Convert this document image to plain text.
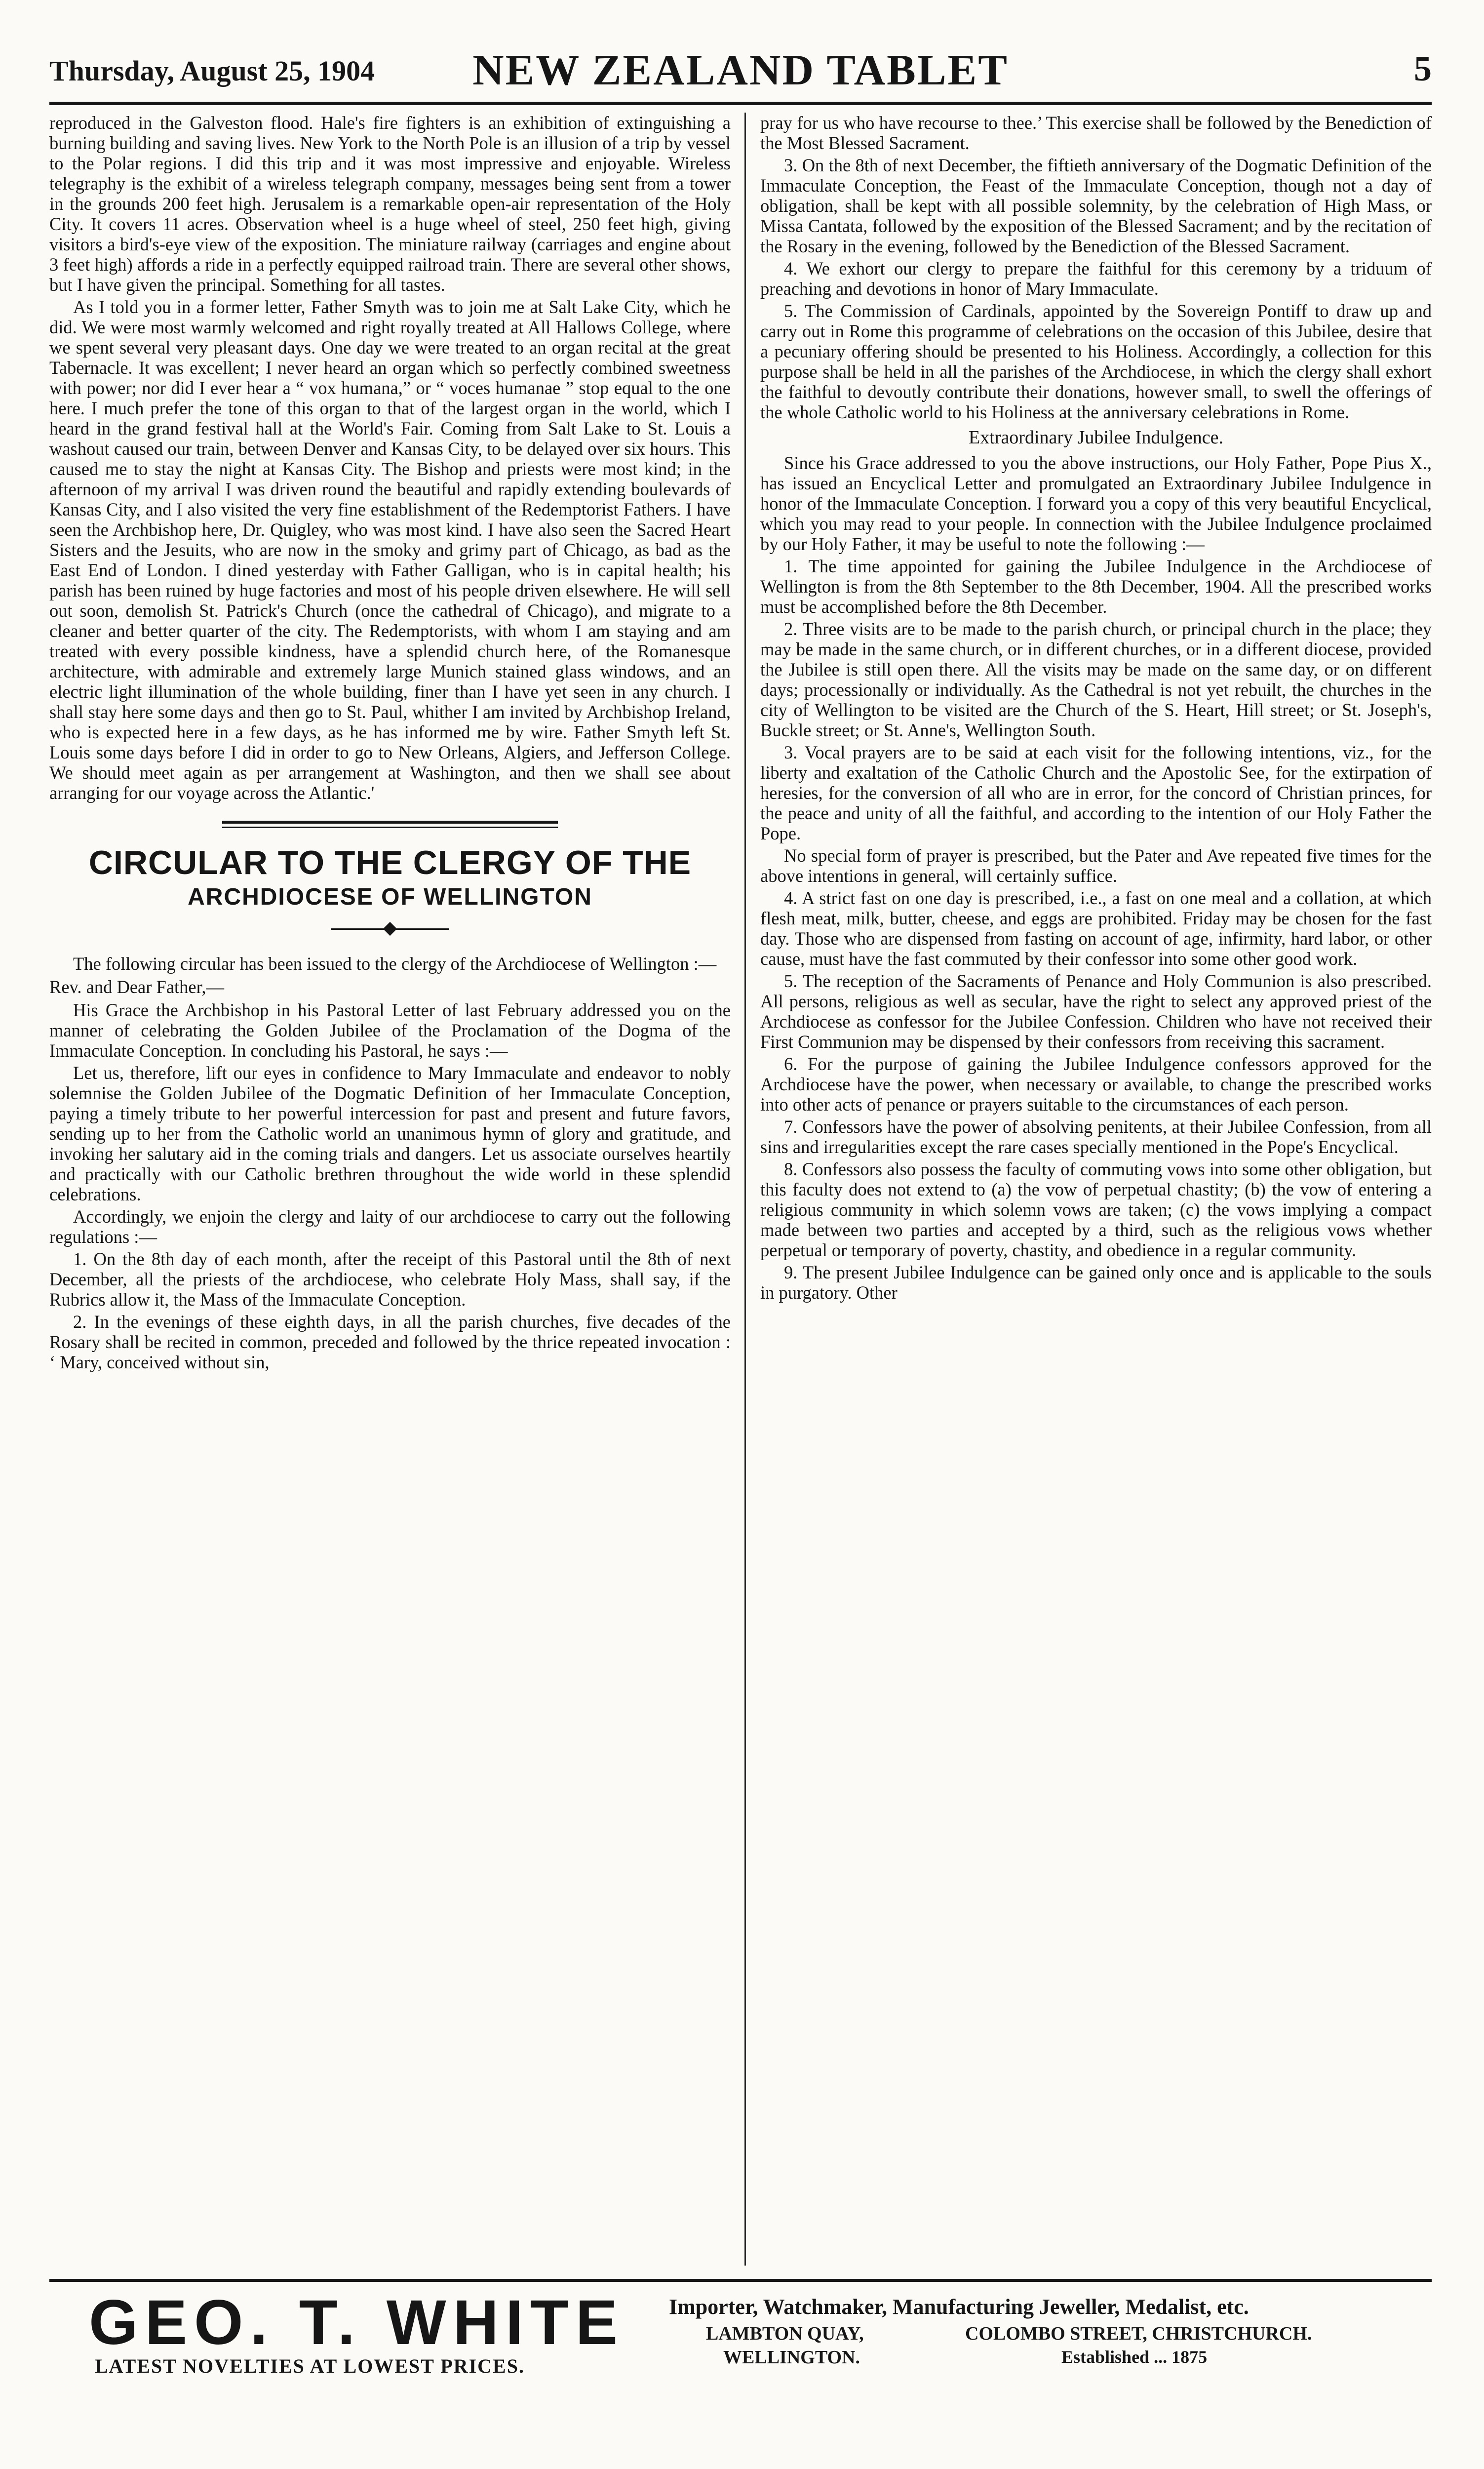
Thursday, August 25, 1904	NEW ZEALAND TABLET	5

reproduced in the Galveston flood. Hale's fire fighters is an exhibition of extinguishing a burning building and saving lives. New York to the North Pole is an illusion of a trip by vessel to the Polar regions. I did this trip and it was most impressive and enjoyable. Wireless telegraphy is the exhibit of a wireless telegraph company, messages being sent from a tower in the grounds 200 feet high. Jerusalem is a remarkable open-air representation of the Holy City. It covers 11 acres. Observation wheel is a huge wheel of steel, 250 feet high, giving visitors a bird's-eye view of the exposition. The miniature railway (carriages and engine about 3 feet high) affords a ride in a perfectly equipped railroad train. There are several other shows, but I have given the principal. Something for all tastes.

As I told you in a former letter, Father Smyth was to join me at Salt Lake City, which he did. We were most warmly welcomed and right royally treated at All Hallows College, where we spent several very pleasant days. One day we were treated to an organ recital at the great Tabernacle. It was excellent; I never heard an organ which so perfectly combined sweetness with power; nor did I ever hear a “ vox humana,” or “ voces humanae ” stop equal to the one here. I much prefer the tone of this organ to that of the largest organ in the world, which I heard in the grand festival hall at the World's Fair. Coming from Salt Lake to St. Louis a washout caused our train, between Denver and Kansas City, to be delayed over six hours. This caused me to stay the night at Kansas City. The Bishop and priests were most kind; in the afternoon of my arrival I was driven round the beautiful and rapidly extending boulevards of Kansas City, and I also visited the very fine establishment of the Redemptorist Fathers. I have seen the Archbishop here, Dr. Quigley, who was most kind. I have also seen the Sacred Heart Sisters and the Jesuits, who are now in the smoky and grimy part of Chicago, as bad as the East End of London. I dined yesterday with Father Galligan, who is in capital health; his parish has been ruined by huge factories and most of his people driven elsewhere. He will sell out soon, demolish St. Patrick's Church (once the cathedral of Chicago), and migrate to a cleaner and better quarter of the city. The Redemptorists, with whom I am staying and am treated with every possible kindness, have a splendid church here, of the Romanesque architecture, with admirable and extremely large Munich stained glass windows, and an electric light illumination of the whole building, finer than I have yet seen in any church. I shall stay here some days and then go to St. Paul, whither I am invited by Archbishop Ireland, who is expected here in a few days, as he has informed me by wire. Father Smyth left St. Louis some days before I did in order to go to New Orleans, Algiers, and Jefferson College. We should meet again as per arrangement at Washington, and then we shall see about arranging for our voyage across the Atlantic.'

CIRCULAR TO THE CLERGY OF THE
ARCHDIOCESE OF WELLINGTON

The following circular has been issued to the clergy of the Archdiocese of Wellington :—

Rev. and Dear Father,—

His Grace the Archbishop in his Pastoral Letter of last February addressed you on the manner of celebrating the Golden Jubilee of the Proclamation of the Dogma of the Immaculate Conception. In concluding his Pastoral, he says :—

Let us, therefore, lift our eyes in confidence to Mary Immaculate and endeavor to nobly solemnise the Golden Jubilee of the Dogmatic Definition of her Immaculate Conception, paying a timely tribute to her powerful intercession for past and present and future favors, sending up to her from the Catholic world an unanimous hymn of glory and gratitude, and invoking her salutary aid in the coming trials and dangers. Let us associate ourselves heartily and practically with our Catholic brethren throughout the wide world in these splendid celebrations.

Accordingly, we enjoin the clergy and laity of our archdiocese to carry out the following regulations :—

1. On the 8th day of each month, after the receipt of this Pastoral until the 8th of next December, all the priests of the archdiocese, who celebrate Holy Mass, shall say, if the Rubrics allow it, the Mass of the Immaculate Conception.

2. In the evenings of these eighth days, in all the parish churches, five decades of the Rosary shall be recited in common, preceded and followed by the thrice repeated invocation : ‘ Mary, conceived without sin,

pray for us who have recourse to thee.’ This exercise shall be followed by the Benediction of the Most Blessed Sacrament.

3. On the 8th of next December, the fiftieth anniversary of the Dogmatic Definition of the Immaculate Conception, the Feast of the Immaculate Conception, though not a day of obligation, shall be kept with all possible solemnity, by the celebration of High Mass, or Missa Cantata, followed by the exposition of the Blessed Sacrament; and by the recitation of the Rosary in the evening, followed by the Benediction of the Blessed Sacrament.

4. We exhort our clergy to prepare the faithful for this ceremony by a triduum of preaching and devotions in honor of Mary Immaculate.

5. The Commission of Cardinals, appointed by the Sovereign Pontiff to draw up and carry out in Rome this programme of celebrations on the occasion of this Jubilee, desire that a pecuniary offering should be presented to his Holiness. Accordingly, a collection for this purpose shall be held in all the parishes of the Archdiocese, in which the clergy shall exhort the faithful to devoutly contribute their donations, however small, to swell the offerings of the whole Catholic world to his Holiness at the anniversary celebrations in Rome.

Extraordinary Jubilee Indulgence.

Since his Grace addressed to you the above instructions, our Holy Father, Pope Pius X., has issued an Encyclical Letter and promulgated an Extraordinary Jubilee Indulgence in honor of the Immaculate Conception. I forward you a copy of this very beautiful Encyclical, which you may read to your people. In connection with the Jubilee Indulgence proclaimed by our Holy Father, it may be useful to note the following :—

1. The time appointed for gaining the Jubilee Indulgence in the Archdiocese of Wellington is from the 8th September to the 8th December, 1904. All the prescribed works must be accomplished before the 8th December.

2. Three visits are to be made to the parish church, or principal church in the place; they may be made in the same church, or in different churches, or in a different diocese, provided the Jubilee is still open there. All the visits may be made on the same day, or on different days; processionally or individually. As the Cathedral is not yet rebuilt, the churches in the city of Wellington to be visited are the Church of the S. Heart, Hill street; or St. Joseph's, Buckle street; or St. Anne's, Wellington South.

3. Vocal prayers are to be said at each visit for the following intentions, viz., for the liberty and exaltation of the Catholic Church and the Apostolic See, for the extirpation of heresies, for the conversion of all who are in error, for the concord of Christian princes, for the peace and unity of all the faithful, and according to the intention of our Holy Father the Pope.

No special form of prayer is prescribed, but the Pater and Ave repeated five times for the above intentions in general, will certainly suffice.

4. A strict fast on one day is prescribed, i.e., a fast on one meal and a collation, at which flesh meat, milk, butter, cheese, and eggs are prohibited. Friday may be chosen for the fast day. Those who are dispensed from fasting on account of age, infirmity, hard labor, or other cause, must have the fast commuted by their confessor into some other good work.

5. The reception of the Sacraments of Penance and Holy Communion is also prescribed. All persons, religious as well as secular, have the right to select any approved priest of the Archdiocese as confessor for the Jubilee Confession. Children who have not received their First Communion may be dispensed by their confessors from receiving this sacrament.

6. For the purpose of gaining the Jubilee Indulgence confessors approved for the Archdiocese have the power, when necessary or available, to change the prescribed works into other acts of penance or prayers suitable to the circumstances of each person.

7. Confessors have the power of absolving penitents, at their Jubilee Confession, from all sins and irregularities except the rare cases specially mentioned in the Pope's Encyclical.

8. Confessors also possess the faculty of commuting vows into some other obligation, but this faculty does not extend to (a) the vow of perpetual chastity; (b) the vow of entering a religious community in which solemn vows are taken; (c) the vows implying a compact made between two parties and accepted by a third, such as the religious vows whether perpetual or temporary of poverty, chastity, and obedience in a regular community.

9. The present Jubilee Indulgence can be gained only once and is applicable to the souls in purgatory. Other

GEO. T. WHITE
LATEST NOVELTIES AT LOWEST PRICES.
Importer, Watchmaker, Manufacturing Jeweller, Medalist, etc.
LAMBTON QUAY,	COLOMBO STREET, CHRISTCHURCH.
WELLINGTON.	Established ... 1875
